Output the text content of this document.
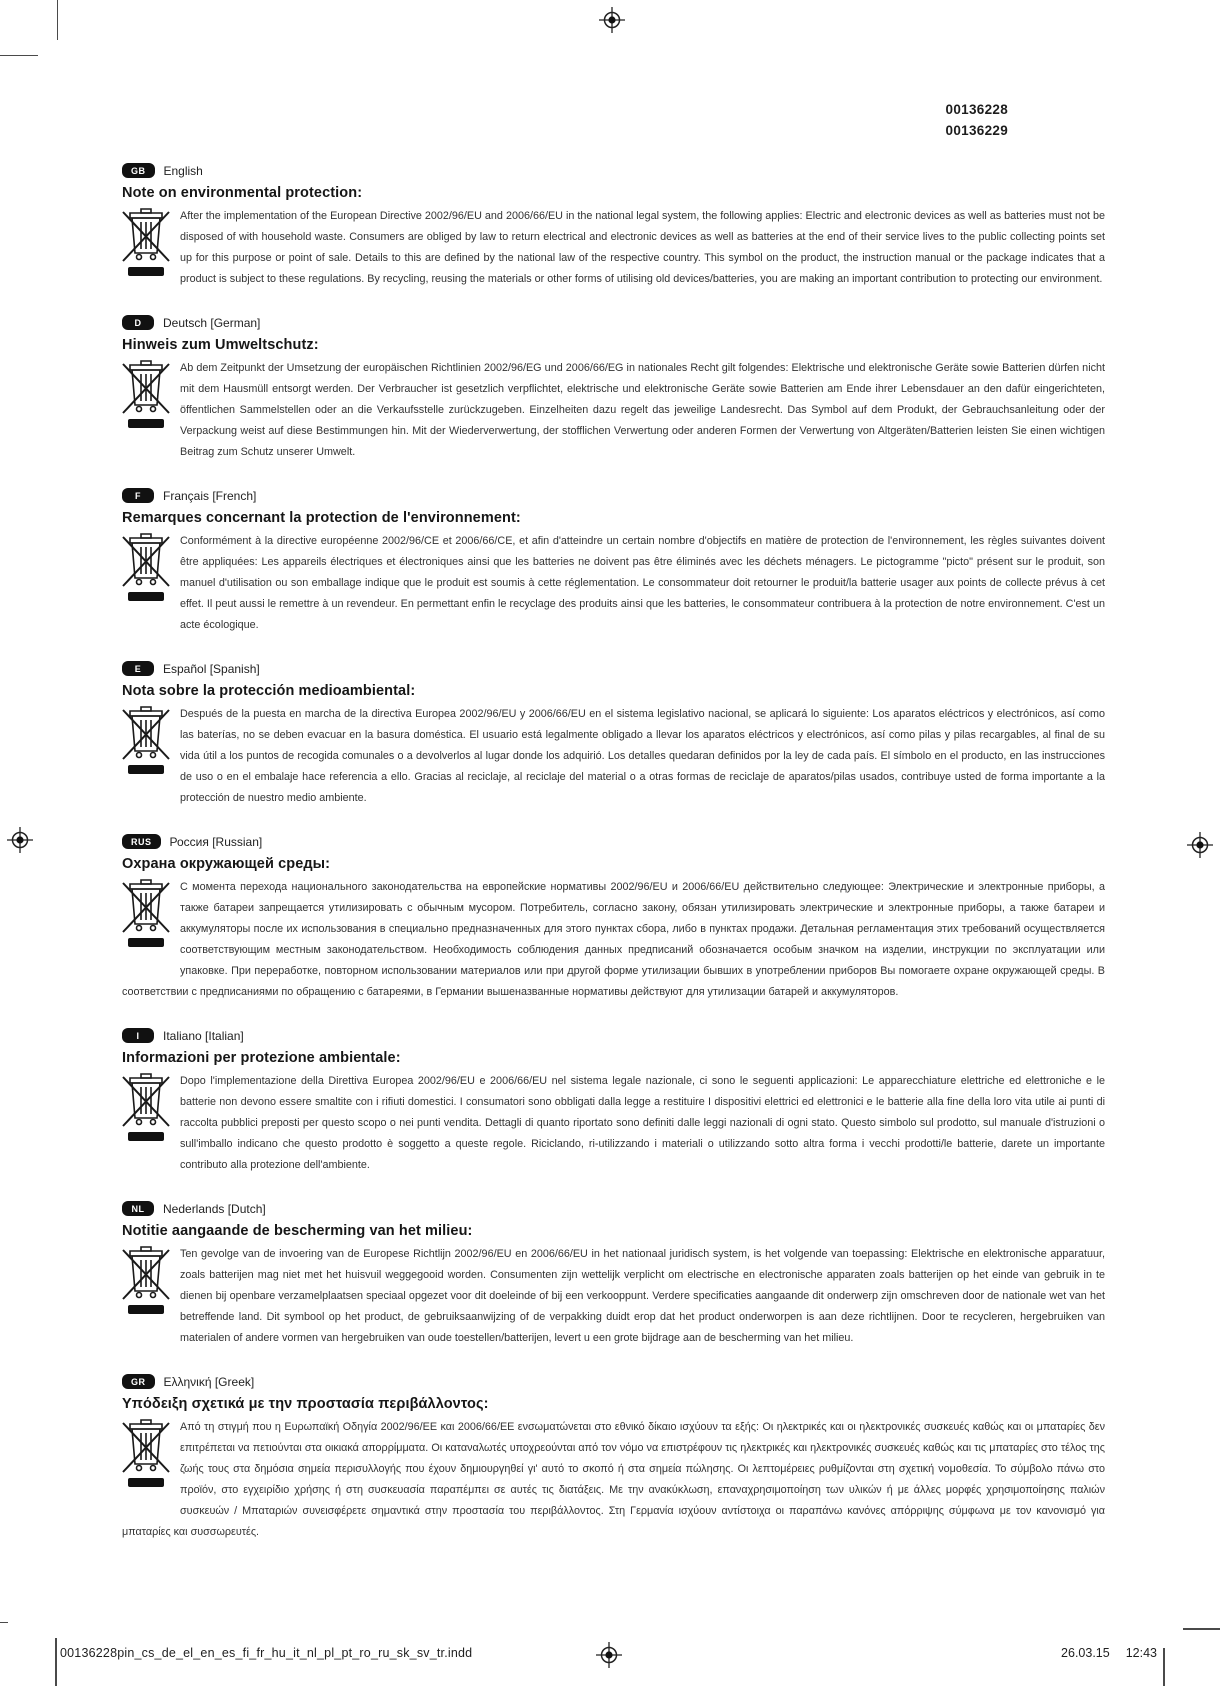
00136228
00136229
GB	English
Note on environmental protection:

After the implementation of the European Directive 2002/96/EU and 2006/66/EU in the national legal system, the following applies: Electric and electronic devices as well as batteries must not be disposed of with household waste. Consumers are obliged by law to return electrical and electronic devices as well as batteries at the end of their service lives to the public collecting points set up for this purpose or point of sale. Details to this are defined by the national law of the respective country. This symbol on the product, the instruction manual or the package indicates that a product is subject to these regulations. By recycling, reusing the materials or other forms of utilising old devices/batteries, you are making an important contribution to protecting our environment.

D	Deutsch [German]
Hinweis zum Umweltschutz:

Ab dem Zeitpunkt der Umsetzung der europäischen Richtlinien 2002/96/EG und 2006/66/EG in nationales Recht gilt folgendes: Elektrische und elektronische Geräte sowie Batterien dürfen nicht mit dem Hausmüll entsorgt werden. Der Verbraucher ist gesetzlich verpflichtet, elektrische und elektronische Geräte sowie Batterien am Ende ihrer Lebensdauer an den dafür eingerichteten, öffentlichen Sammelstellen oder an die Verkaufsstelle zurückzugeben. Einzelheiten dazu regelt das jeweilige Landesrecht. Das Symbol auf dem Produkt, der Gebrauchsanleitung oder der Verpackung weist auf diese Bestimmungen hin. Mit der Wiederverwertung, der stofflichen Verwertung oder anderen Formen der Verwertung von Altgeräten/Batterien leisten Sie einen wichtigen Beitrag zum Schutz unserer Umwelt.

F	Français [French]
Remarques concernant la protection de l'environnement:

Conformément à la directive européenne 2002/96/CE et 2006/66/CE, et afin d'atteindre un certain nombre d'objectifs en matière de protection de l'environnement, les règles suivantes doivent être appliquées: Les appareils électriques et électroniques ainsi que les batteries ne doivent pas être éliminés avec les déchets ménagers. Le pictogramme "picto" présent sur le produit, son manuel d'utilisation ou son emballage indique que le produit est soumis à cette réglementation. Le consommateur doit retourner le produit/la batterie usager aux points de collecte prévus à cet effet. Il peut aussi le remettre à un revendeur. En permettant enfin le recyclage des produits ainsi que les batteries, le consommateur contribuera à la protection de notre environnement. C'est un acte écologique.

E	Español [Spanish]
Nota sobre la protección medioambiental:

Después de la puesta en marcha de la directiva Europea 2002/96/EU y 2006/66/EU en el sistema legislativo nacional, se aplicará lo siguiente: Los aparatos eléctricos y electrónicos, así como las baterías, no se deben evacuar en la basura doméstica. El usuario está legalmente obligado a llevar los aparatos eléctricos y electrónicos, así como pilas y pilas recargables, al final de su vida útil a los puntos de recogida comunales o a devolverlos al lugar donde los adquirió. Los detalles quedaran definidos por la ley de cada país. El símbolo en el producto, en las instrucciones de uso o en el embalaje hace referencia a ello. Gracias al reciclaje, al reciclaje del material o a otras formas de reciclaje de aparatos/pilas usados, contribuye usted de forma importante a la protección de nuestro medio ambiente.

RUS	Россия [Russian]
Охрана окружающей среды:

С момента перехода национального законодательства на европейские нормативы 2002/96/EU и 2006/66/EU действительно следующее: Электрические и электронные приборы, а также батареи запрещается утилизировать с обычным мусором. Потребитель, согласно закону, обязан утилизировать электрические и электронные приборы, а также батареи и аккумуляторы после их использования в специально предназначенных для этого пунктах сбора, либо в пунктах продажи. Детальная регламентация этих требований осуществляется соответствующим местным законодательством. Необходимость соблюдения данных предписаний обозначается особым значком на изделии, инструкции по эксплуатации или упаковке. При переработке, повторном использовании материалов или при другой форме утилизации бывших в употреблении приборов Вы помогаете охране окружающей среды. В соответствии с предписаниями по обращению с батареями, в Германии вышеназванные нормативы действуют для утилизации батарей и аккумуляторов.

I	Italiano [Italian]
Informazioni per protezione ambientale:

Dopo l'implementazione della Direttiva Europea 2002/96/EU e 2006/66/EU nel sistema legale nazionale, ci sono le seguenti applicazioni: Le apparecchiature elettriche ed elettroniche e le batterie non devono essere smaltite con i rifiuti domestici. I consumatori sono obbligati dalla legge a restituire I dispositivi elettrici ed elettronici e le batterie alla fine della loro vita utile ai punti di raccolta pubblici preposti per questo scopo o nei punti vendita. Dettagli di quanto riportato sono definiti dalle leggi nazionali di ogni stato. Questo simbolo sul prodotto, sul manuale d'istruzioni o sull'imballo indicano che questo prodotto è soggetto a queste regole. Riciclando, ri-utilizzando i materiali o utilizzando sotto altra forma i vecchi prodotti/le batterie, darete un importante contributo alla protezione dell'ambiente.

NL	Nederlands [Dutch]
Notitie aangaande de bescherming van het milieu:

Ten gevolge van de invoering van de Europese Richtlijn 2002/96/EU en 2006/66/EU in het nationaal juridisch system, is het volgende van toepassing: Elektrische en elektronische apparatuur, zoals batterijen mag niet met het huisvuil weggegooid worden. Consumenten zijn wettelijk verplicht om electrische en electronische apparaten zoals batterijen op het einde van gebruik in te dienen bij openbare verzamelplaatsen speciaal opgezet voor dit doeleinde of bij een verkooppunt. Verdere specificaties aangaande dit onderwerp zijn omschreven door de nationale wet van het betreffende land. Dit symbool op het product, de gebruiksaanwijzing of de verpakking duidt erop dat het product onderworpen is aan deze richtlijnen. Door te recycleren, hergebruiken van materialen of andere vormen van hergebruiken van oude toestellen/batterijen, levert u een grote bijdrage aan de bescherming van het milieu.

GR	Ελληνική [Greek]
Υπόδειξη σχετικά με την προστασία περιβάλλοντος:

Από τη στιγμή που η Ευρωπαϊκή Οδηγία 2002/96/ΕΕ και 2006/66/ΕΕ ενσωματώνεται στο εθνικό δίκαιο ισχύουν τα εξής: Οι ηλεκτρικές και οι ηλεκτρονικές συσκευές καθώς και οι μπαταρίες δεν επιτρέπεται να πετιούνται στα οικιακά απορρίμματα. Οι καταναλωτές υποχρεούνται από τον νόμο να επιστρέφουν τις ηλεκτρικές και ηλεκτρονικές συσκευές καθώς και τις μπαταρίες στο τέλος της ζωής τους στα δημόσια σημεία περισυλλογής που έχουν δημιουργηθεί γι' αυτό το σκοπό ή στα σημεία πώλησης. Οι λεπτομέρειες ρυθμίζονται στη σχετική νομοθεσία. Το σύμβολο πάνω στο προϊόν, στο εγχειρίδιο χρήσης ή στη συσκευασία παραπέμπει σε αυτές τις διατάξεις. Με την ανακύκλωση, επαναχρησιμοποίηση των υλικών ή με άλλες μορφές χρησιμοποίησης παλιών συσκευών / Μπαταριών συνεισφέρετε σημαντικά στην προστασία του περιβάλλοντος. Στη Γερμανία ισχύουν αντίστοιχα οι παραπάνω κανόνες απόρριψης σύμφωνα με τον κανονισμό για μπαταρίες και συσσωρευτές.

00136228pin_cs_de_el_en_es_fi_fr_hu_it_nl_pl_pt_ro_ru_sk_sv_tr.indd	26.03.15 12:43
